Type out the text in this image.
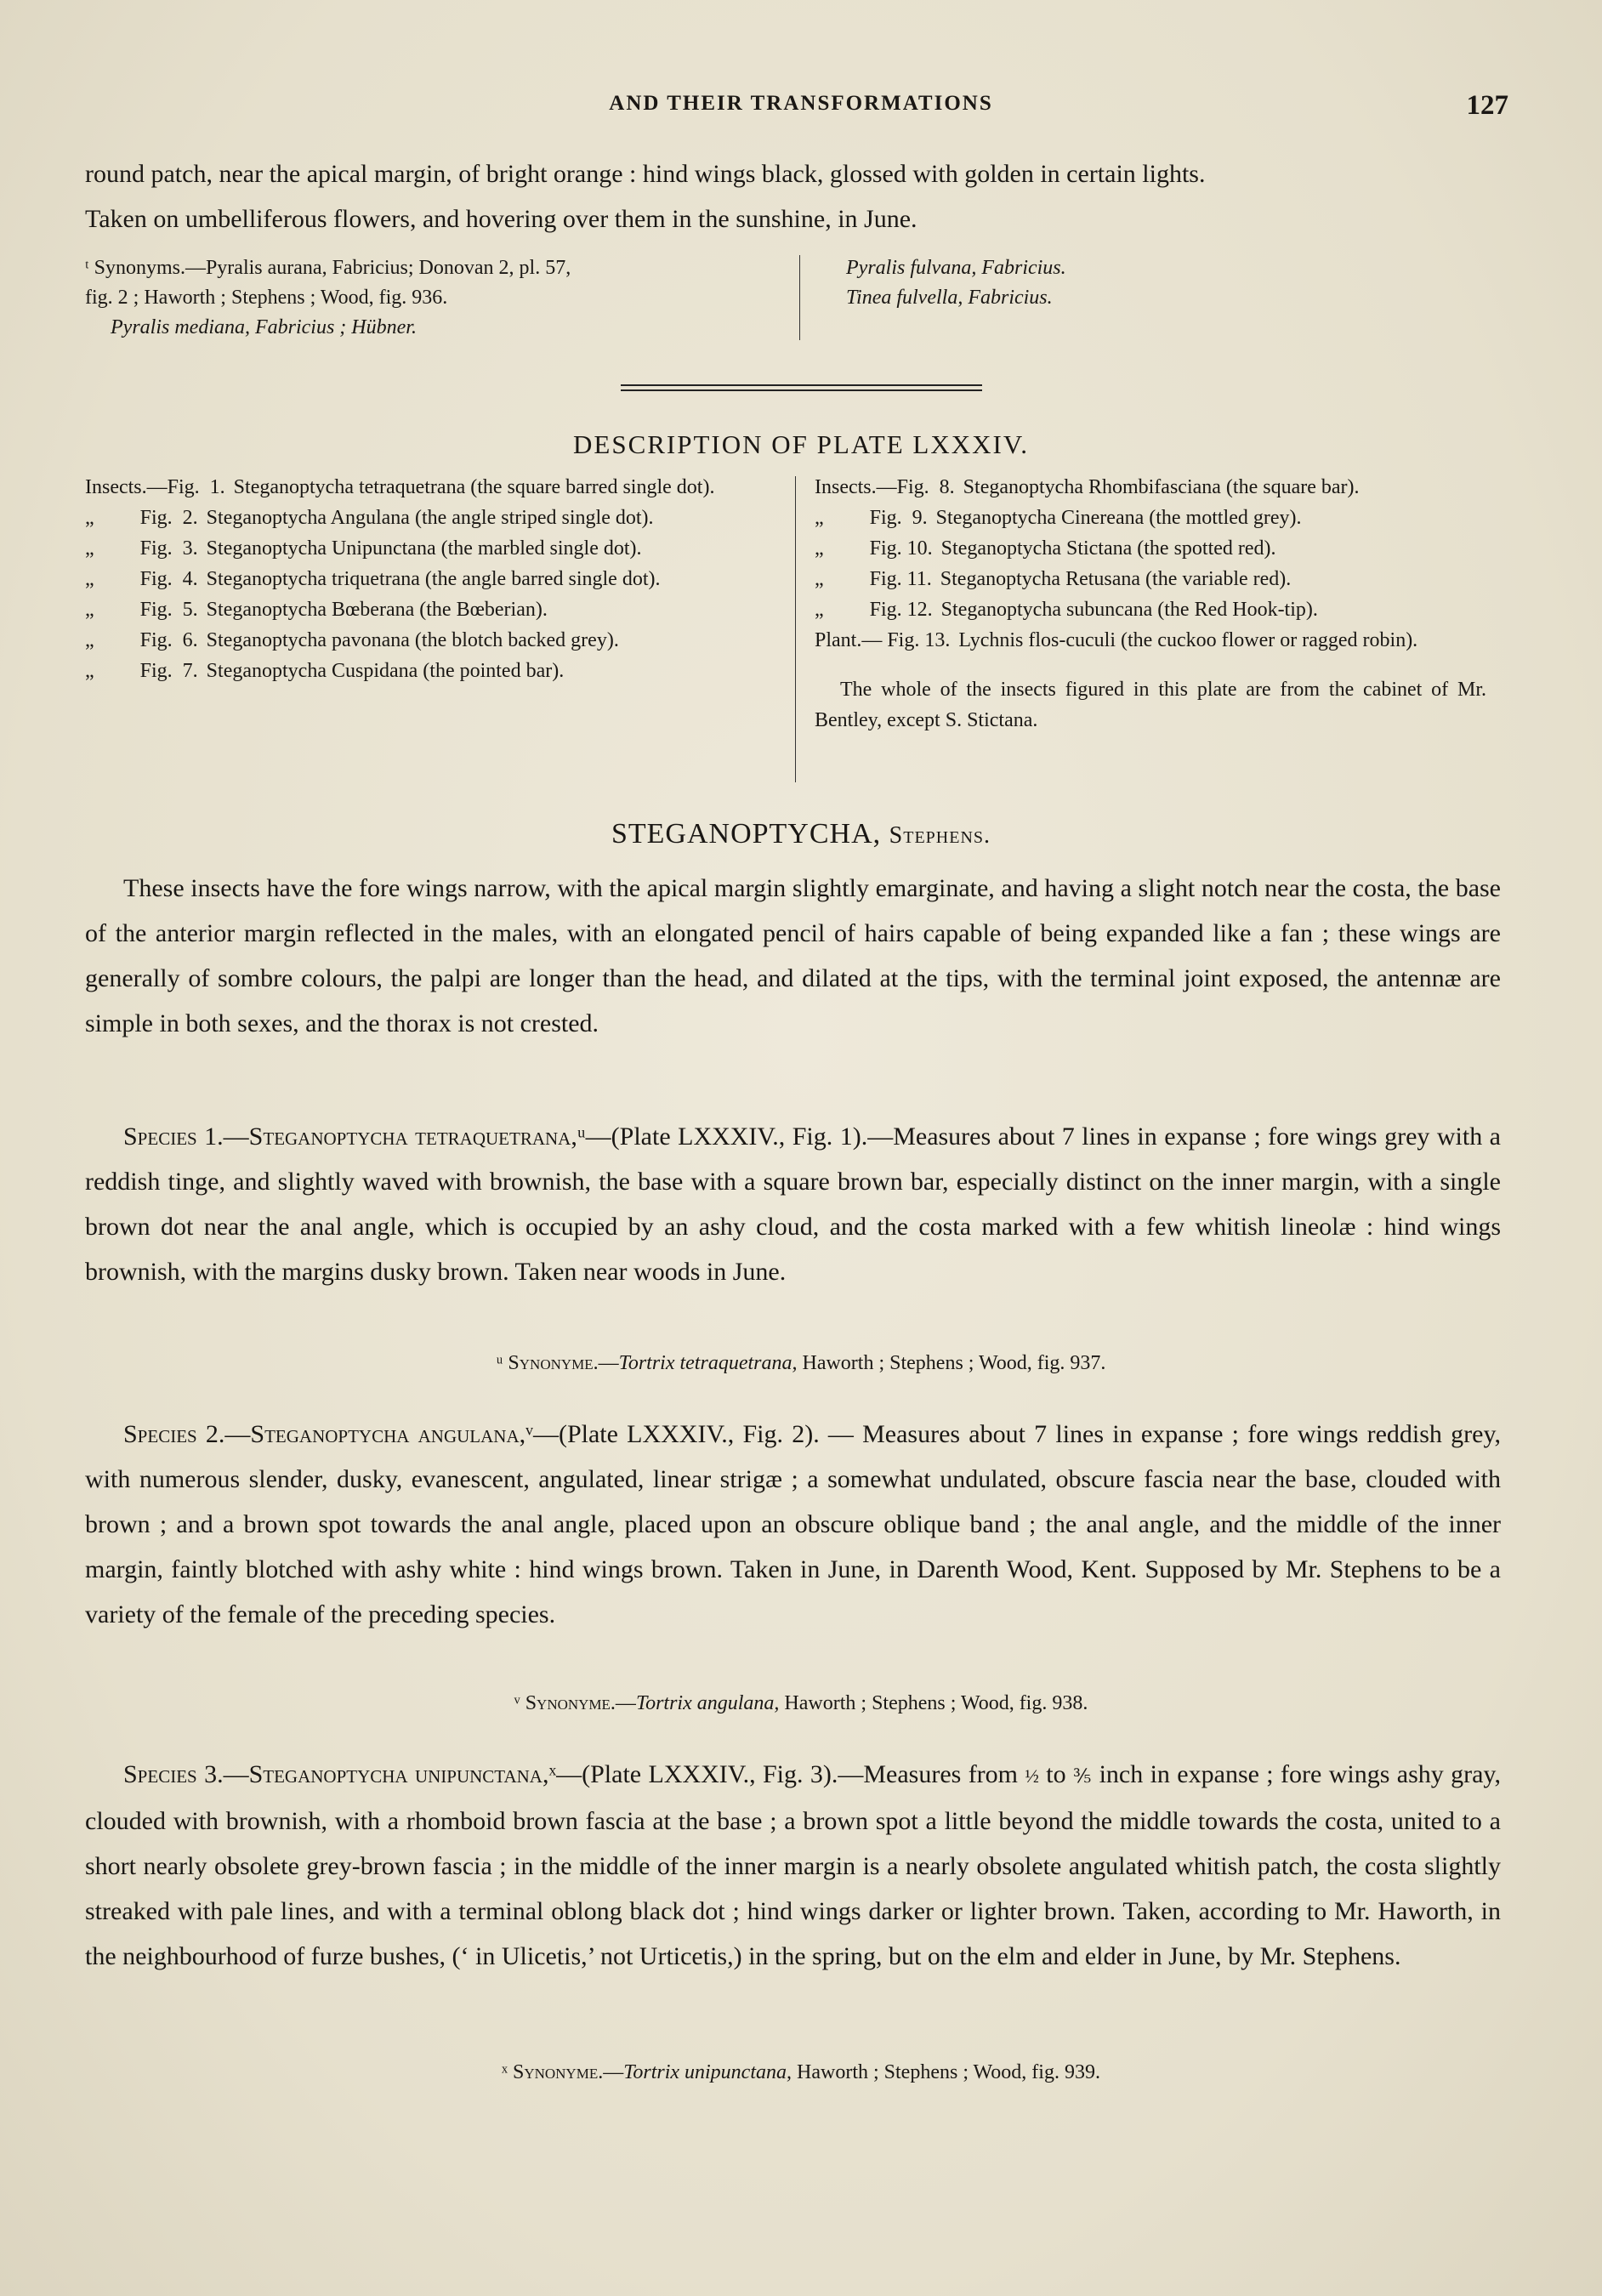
AND THEIR TRANSFORMATIONS	127
round patch, near the apical margin, of bright orange : hind wings black, glossed with golden in certain lights.
Taken on umbelliferous flowers, and hovering over them in the sunshine, in June.
ᵗ Synonyms.—Pyralis aurana, Fabricius; Donovan 2, pl. 57,
fig. 2 ; Haworth ; Stephens ; Wood, fig. 936.
Pyralis mediana, Fabricius ; Hübner.
Pyralis fulvana, Fabricius.
Tinea fulvella, Fabricius.
DESCRIPTION OF PLATE LXXXIV.
Insects.—Fig.  1. Steganoptycha tetraquetrana (the square barred single dot).
„         Fig.  2. Steganoptycha Angulana (the angle striped single dot).
„         Fig.  3. Steganoptycha Unipunctana (the marbled single dot).
„         Fig.  4. Steganoptycha triquetrana (the angle barred single dot).
„         Fig.  5. Steganoptycha Bœberana (the Bœberian).
„         Fig.  6. Steganoptycha pavonana (the blotch backed grey).
„         Fig.  7. Steganoptycha Cuspidana (the pointed bar).
Insects.—Fig.  8. Steganoptycha Rhombifasciana (the square bar).
„         Fig.  9. Steganoptycha Cinereana (the mottled grey).
„         Fig. 10. Steganoptycha Stictana (the spotted red).
„         Fig. 11. Steganoptycha Retusana (the variable red).
„         Fig. 12. Steganoptycha subuncana (the Red Hook-tip).
Plant.— Fig. 13. Lychnis flos-cuculi (the cuckoo flower or ragged robin).
The whole of the insects figured in this plate are from the cabinet of Mr. Bentley, except S. Stictana.
STEGANOPTYCHA, Stephens.
These insects have the fore wings narrow, with the apical margin slightly emarginate, and having a slight notch near the costa, the base of the anterior margin reflected in the males, with an elongated pencil of hairs capable of being expanded like a fan ; these wings are generally of sombre colours, the palpi are longer than the head, and dilated at the tips, with the terminal joint exposed, the antennæ are simple in both sexes, and the thorax is not crested.
Species 1.—Steganoptycha tetraquetrana,ᵘ—(Plate LXXXIV., Fig. 1).—Measures about 7 lines in expanse ; fore wings grey with a reddish tinge, and slightly waved with brownish, the base with a square brown bar, especially distinct on the inner margin, with a single brown dot near the anal angle, which is occupied by an ashy cloud, and the costa marked with a few whitish lineolæ : hind wings brownish, with the margins dusky brown. Taken near woods in June.
ᵘ Synonyme.—Tortrix tetraquetrana, Haworth ; Stephens ; Wood, fig. 937.
Species 2.—Steganoptycha angulana,ᵛ—(Plate LXXXIV., Fig. 2). — Measures about 7 lines in expanse ; fore wings reddish grey, with numerous slender, dusky, evanescent, angulated, linear strigæ ; a somewhat undulated, obscure fascia near the base, clouded with brown ; and a brown spot towards the anal angle, placed upon an obscure oblique band ; the anal angle, and the middle of the inner margin, faintly blotched with ashy white : hind wings brown. Taken in June, in Darenth Wood, Kent. Supposed by Mr. Stephens to be a variety of the female of the preceding species.
ᵛ Synonyme.—Tortrix angulana, Haworth ; Stephens ; Wood, fig. 938.
Species 3.—Steganoptycha unipunctana,ˣ—(Plate LXXXIV., Fig. 3).—Measures from ½ to ⅗ inch in expanse ; fore wings ashy gray, clouded with brownish, with a rhomboid brown fascia at the base ; a brown spot a little beyond the middle towards the costa, united to a short nearly obsolete grey-brown fascia ; in the middle of the inner margin is a nearly obsolete angulated whitish patch, the costa slightly streaked with pale lines, and with a terminal oblong black dot ; hind wings darker or lighter brown. Taken, according to Mr. Haworth, in the neighbourhood of furze bushes, (‘ in Ulicetis,’ not Urticetis,) in the spring, but on the elm and elder in June, by Mr. Stephens.
ˣ Synonyme.—Tortrix unipunctana, Haworth ; Stephens ; Wood, fig. 939.
